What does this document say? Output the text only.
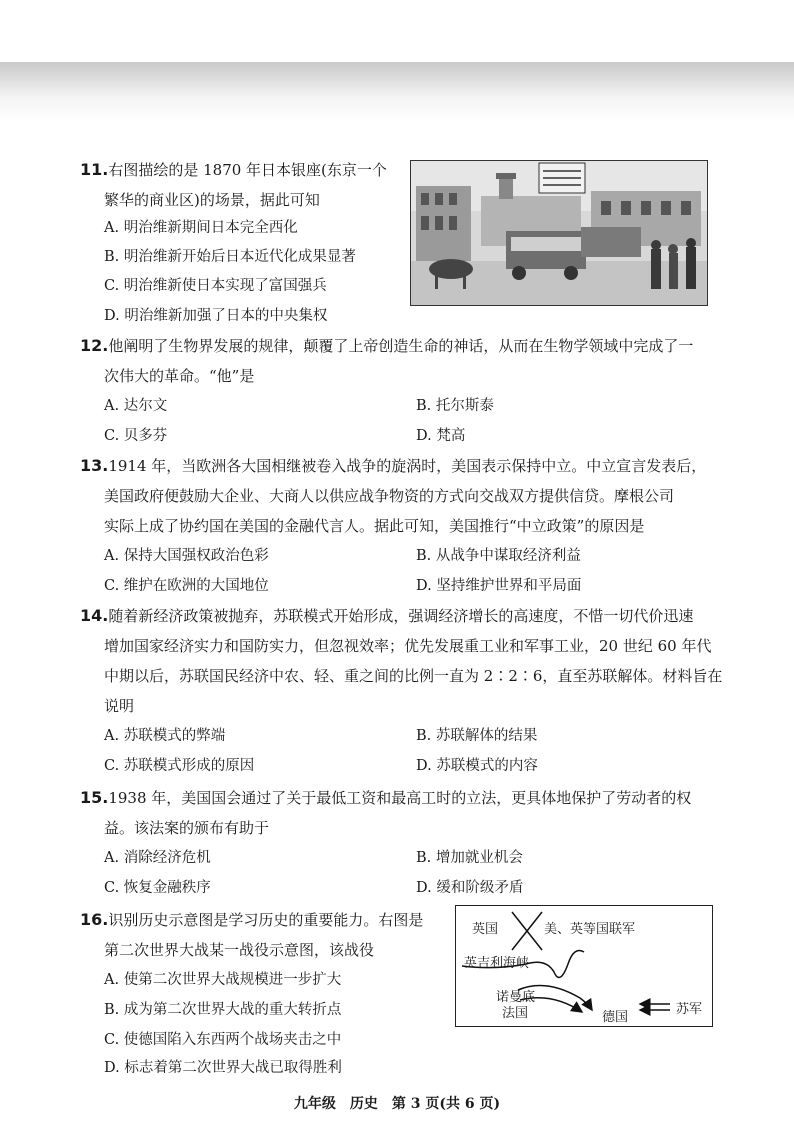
11.右图描绘的是 1870 年日本银座(东京一个
繁华的商业区)的场景，据此可知
A. 明治维新期间日本完全西化
B. 明治维新开始后日本近代化成果显著
C. 明治维新使日本实现了富国强兵
D. 明治维新加强了日本的中央集权
12.他阐明了生物界发展的规律，颠覆了上帝创造生命的神话，从而在生物学领域中完成了一
次伟大的革命。“他”是
A. 达尔文	B. 托尔斯泰
C. 贝多芬	D. 梵高
13.1914 年，当欧洲各大国相继被卷入战争的旋涡时，美国表示保持中立。中立宣言发表后，
美国政府便鼓励大企业、大商人以供应战争物资的方式向交战双方提供信贷。摩根公司
实际上成了协约国在美国的金融代言人。据此可知，美国推行“中立政策”的原因是
A. 保持大国强权政治色彩	B. 从战争中谋取经济利益
C. 维护在欧洲的大国地位	D. 坚持维护世界和平局面
14.随着新经济政策被抛弃，苏联模式开始形成，强调经济增长的高速度，不惜一切代价迅速
增加国家经济实力和国防实力，但忽视效率；优先发展重工业和军事工业，20 世纪 60 年代
中期以后，苏联国民经济中农、轻、重之间的比例一直为 2∶2∶6，直至苏联解体。材料旨在
说明
A. 苏联模式的弊端	B. 苏联解体的结果
C. 苏联模式形成的原因	D. 苏联模式的内容
15.1938 年，美国国会通过了关于最低工资和最高工时的立法，更具体地保护了劳动者的权
益。该法案的颁布有助于
A. 消除经济危机	B. 增加就业机会
C. 恢复金融秩序	D. 缓和阶级矛盾
16.识别历史示意图是学习历史的重要能力。右图是
第二次世界大战某一战役示意图，该战役
A. 使第二次世界大战规模进一步扩大
B. 成为第二次世界大战的重大转折点
C. 使德国陷入东西两个战场夹击之中
D. 标志着第二次世界大战已取得胜利
英国	美、英等国联军
英吉利海峡
诺曼底
法国	德国
苏军
九年级　历史　第 3 页(共 6 页)
